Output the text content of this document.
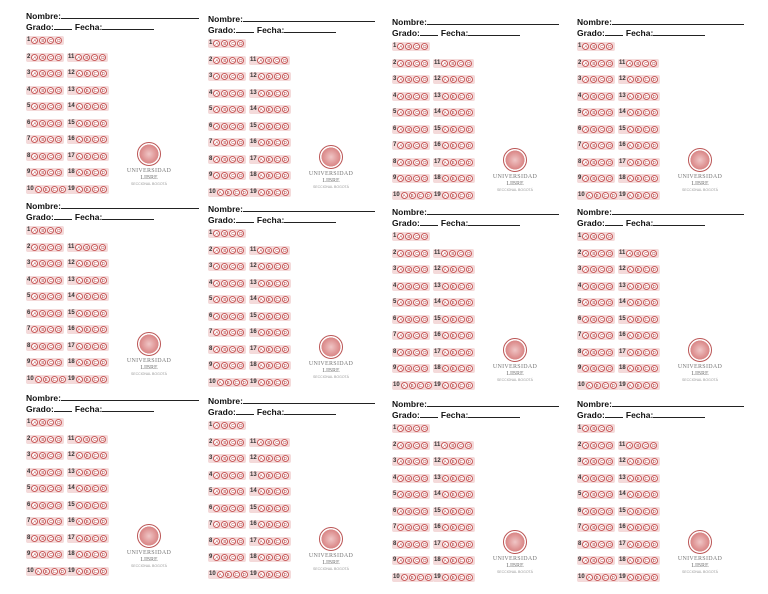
Nombre:
Grado: Fecha:
1 A	B	C	D
2 A	B	C	D	11 A	B	C	D
3 A	B	C	D	12 A	B	C	D
4 A	B	C	D	13 A	B	C	D
5 A	B	C	D	14 A	B	C	D
6 A	B	C	D	15 A	B	C	D
7 A	B	C	D	16 A	B	C	D
8 A	B	C	D	17 A	B	C	D
9 A	B	C	D	18 A	B	C	D
10 A	B	C	D 19 A	B	C	D
UNIVERSIDAD
LIBRE
SECCIONAL BOGOTÁ
Nombre:
Grado: Fecha:
1 A	B	C	D
2 A	B	C	D	11 A	B	C	D
3 A	B	C	D	12 A	B	C	D
4 A	B	C	D	13 A	B	C	D
5 A	B	C	D	14 A	B	C	D
6 A	B	C	D	15 A	B	C	D
7 A	B	C	D	16 A	B	C	D
8 A	B	C	D	17 A	B	C	D
9 A	B	C	D	18 A	B	C	D
10 A	B	C	D 19 A	B	C	D
UNIVERSIDAD
LIBRE
SECCIONAL BOGOTÁ
Nombre:
Grado: Fecha:
1 A	B	C	D
2 A	B	C	D	11 A	B	C	D
3 A	B	C	D	12 A	B	C	D
4 A	B	C	D	13 A	B	C	D
5 A	B	C	D	14 A	B	C	D
6 A	B	C	D	15 A	B	C	D
7 A	B	C	D	16 A	B	C	D
8 A	B	C	D	17 A	B	C	D
9 A	B	C	D	18 A	B	C	D
10 A	B	C	D 19 A	B	C	D
UNIVERSIDAD
LIBRE
SECCIONAL BOGOTÁ
Nombre:
Grado: Fecha:
1 A	B	C	D
2 A	B	C	D	11 A	B	C	D
3 A	B	C	D	12 A	B	C	D
4 A	B	C	D	13 A	B	C	D
5 A	B	C	D	14 A	B	C	D
6 A	B	C	D	15 A	B	C	D
7 A	B	C	D	16 A	B	C	D
8 A	B	C	D	17 A	B	C	D
9 A	B	C	D	18 A	B	C	D
10 A	B	C	D 19 A	B	C	D
UNIVERSIDAD
LIBRE
SECCIONAL BOGOTÁ
Nombre:
Grado: Fecha:
1 A	B	C	D
2 A	B	C	D	11 A	B	C	D
3 A	B	C	D	12 A	B	C	D
4 A	B	C	D	13 A	B	C	D
5 A	B	C	D	14 A	B	C	D
6 A	B	C	D	15 A	B	C	D
7 A	B	C	D	16 A	B	C	D
8 A	B	C	D	17 A	B	C	D
9 A	B	C	D	18 A	B	C	D
10 A	B	C	D 19 A	B	C	D
UNIVERSIDAD
LIBRE
SECCIONAL BOGOTÁ
Nombre:
Grado: Fecha:
1 A	B	C	D
2 A	B	C	D	11 A	B	C	D
3 A	B	C	D	12 A	B	C	D
4 A	B	C	D	13 A	B	C	D
5 A	B	C	D	14 A	B	C	D
6 A	B	C	D	15 A	B	C	D
7 A	B	C	D	16 A	B	C	D
8 A	B	C	D	17 A	B	C	D
9 A	B	C	D	18 A	B	C	D
10 A	B	C	D 19 A	B	C	D
UNIVERSIDAD
LIBRE
SECCIONAL BOGOTÁ
Nombre:
Grado: Fecha:
1 A	B	C	D
2 A	B	C	D	11 A	B	C	D
3 A	B	C	D	12 A	B	C	D
4 A	B	C	D	13 A	B	C	D
5 A	B	C	D	14 A	B	C	D
6 A	B	C	D	15 A	B	C	D
7 A	B	C	D	16 A	B	C	D
8 A	B	C	D	17 A	B	C	D
9 A	B	C	D	18 A	B	C	D
10 A	B	C	D 19 A	B	C	D
UNIVERSIDAD
LIBRE
SECCIONAL BOGOTÁ
Nombre:
Grado: Fecha:
1 A	B	C	D
2 A	B	C	D	11 A	B	C	D
3 A	B	C	D	12 A	B	C	D
4 A	B	C	D	13 A	B	C	D
5 A	B	C	D	14 A	B	C	D
6 A	B	C	D	15 A	B	C	D
7 A	B	C	D	16 A	B	C	D
8 A	B	C	D	17 A	B	C	D
9 A	B	C	D	18 A	B	C	D
10 A	B	C	D 19 A	B	C	D
UNIVERSIDAD
LIBRE
SECCIONAL BOGOTÁ
Nombre:
Grado: Fecha:
1 A	B	C	D
2 A	B	C	D	11 A	B	C	D
3 A	B	C	D	12 A	B	C	D
4 A	B	C	D	13 A	B	C	D
5 A	B	C	D	14 A	B	C	D
6 A	B	C	D	15 A	B	C	D
7 A	B	C	D	16 A	B	C	D
8 A	B	C	D	17 A	B	C	D
9 A	B	C	D	18 A	B	C	D
10 A	B	C	D 19 A	B	C	D
UNIVERSIDAD
LIBRE
SECCIONAL BOGOTÁ
Nombre:
Grado: Fecha:
1 A	B	C	D
2 A	B	C	D	11 A	B	C	D
3 A	B	C	D	12 A	B	C	D
4 A	B	C	D	13 A	B	C	D
5 A	B	C	D	14 A	B	C	D
6 A	B	C	D	15 A	B	C	D
7 A	B	C	D	16 A	B	C	D
8 A	B	C	D	17 A	B	C	D
9 A	B	C	D	18 A	B	C	D
10 A	B	C	D 19 A	B	C	D
UNIVERSIDAD
LIBRE
SECCIONAL BOGOTÁ
Nombre:
Grado: Fecha:
1 A	B	C	D
2 A	B	C	D	11 A	B	C	D
3 A	B	C	D	12 A	B	C	D
4 A	B	C	D	13 A	B	C	D
5 A	B	C	D	14 A	B	C	D
6 A	B	C	D	15 A	B	C	D
7 A	B	C	D	16 A	B	C	D
8 A	B	C	D	17 A	B	C	D
9 A	B	C	D	18 A	B	C	D
10 A	B	C	D 19 A	B	C	D
UNIVERSIDAD
LIBRE
SECCIONAL BOGOTÁ
Nombre:
Grado: Fecha:
1 A	B	C	D
2 A	B	C	D	11 A	B	C	D
3 A	B	C	D	12 A	B	C	D
4 A	B	C	D	13 A	B	C	D
5 A	B	C	D	14 A	B	C	D
6 A	B	C	D	15 A	B	C	D
7 A	B	C	D	16 A	B	C	D
8 A	B	C	D	17 A	B	C	D
9 A	B	C	D	18 A	B	C	D
10 A	B	C	D 19 A	B	C	D
UNIVERSIDAD
LIBRE
SECCIONAL BOGOTÁ
